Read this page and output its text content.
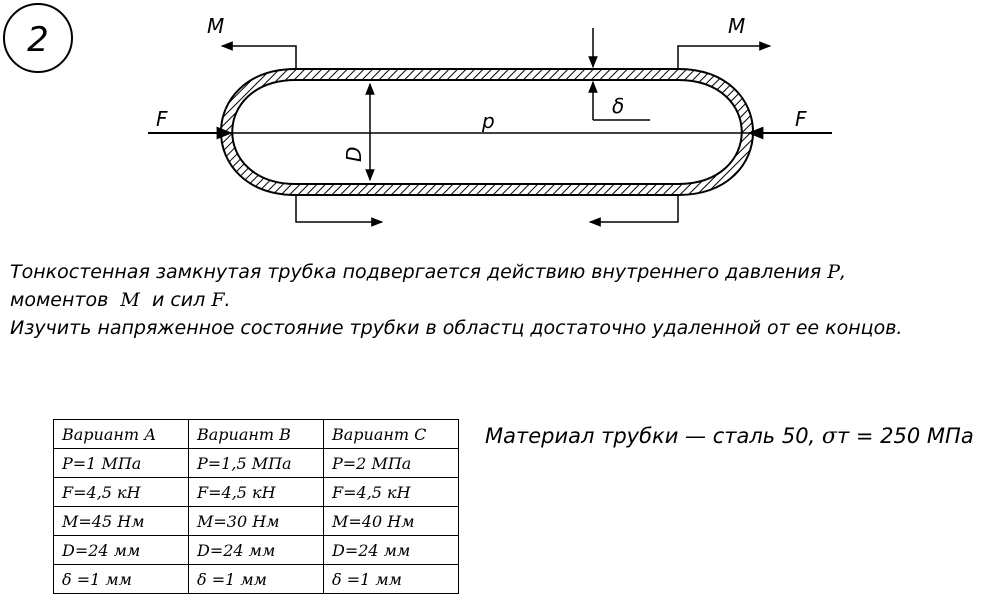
2	M	M
F	F
p
δ
D
Тонкостенная замкнутая трубка подвергается действию внутреннего давления P,
моментов M и сил F.
Изучить напряженное состояние трубки в областц достаточно удаленной от ее концов.
Вариант А	Вариант В	Вариант С
P=1 МПа	P=1,5 МПа	P=2 МПа
F=4,5 кН	F=4,5 кН	F=4,5 кН
M=45 Нм	M=30 Нм	M=40 Нм
D=24 мм	D=24 мм	D=24 мм
δ =1 мм	δ =1 мм	δ =1 мм
Материал трубки — сталь 50, σт = 250 МПа
